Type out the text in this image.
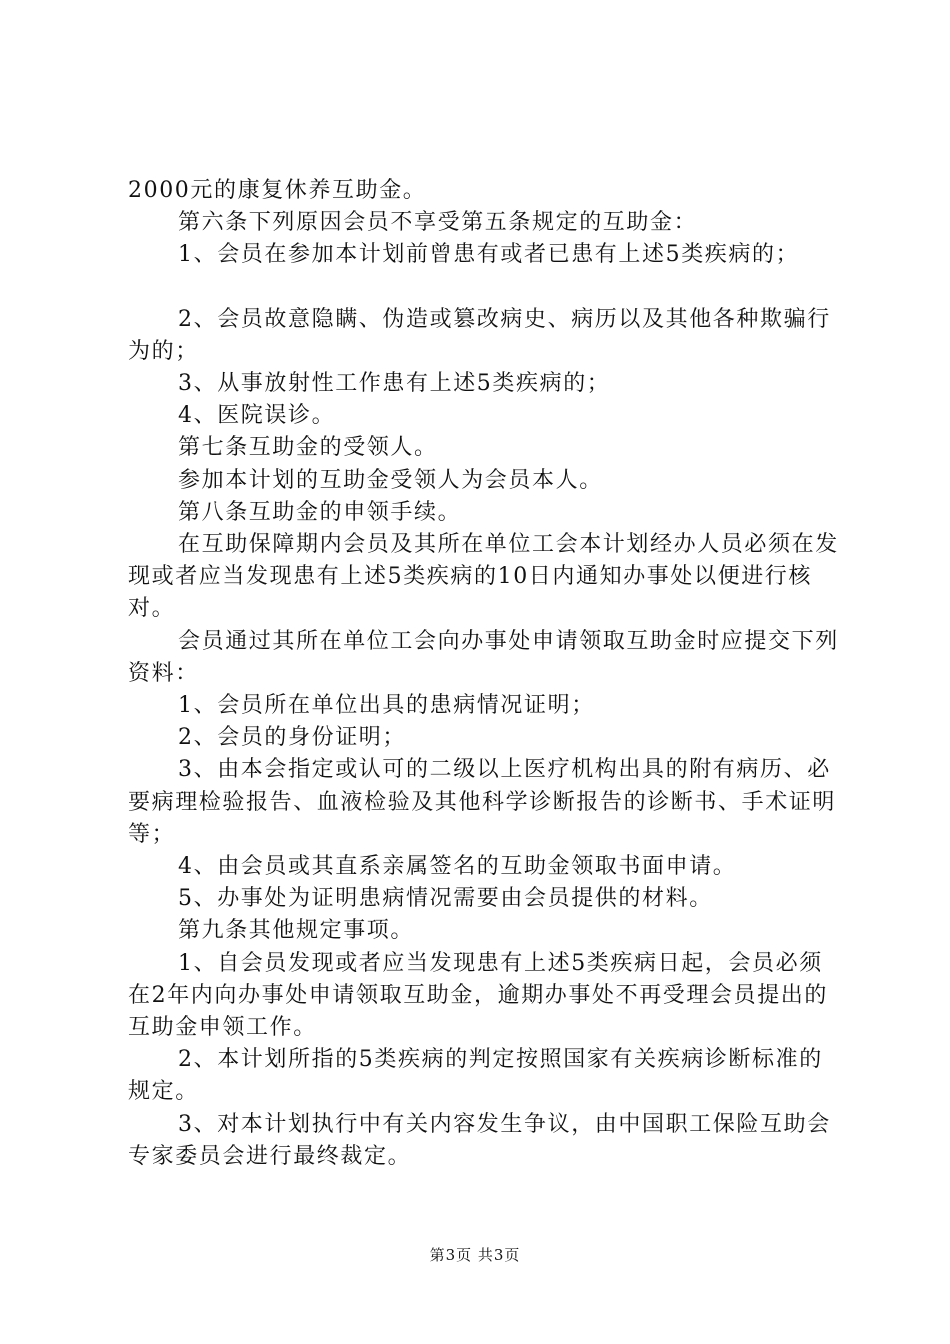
2000元的康复休养互助金。

第六条下列原因会员不享受第五条规定的互助金：

1、会员在参加本计划前曾患有或者已患有上述5类疾病的；

2、会员故意隐瞒、伪造或篡改病史、病历以及其他各种欺骗行为的；

3、从事放射性工作患有上述5类疾病的；

4、医院误诊。

第七条互助金的受领人。

参加本计划的互助金受领人为会员本人。

第八条互助金的申领手续。

在互助保障期内会员及其所在单位工会本计划经办人员必须在发现或者应当发现患有上述5类疾病的10日内通知办事处以便进行核对。

会员通过其所在单位工会向办事处申请领取互助金时应提交下列资料：

1、会员所在单位出具的患病情况证明；

2、会员的身份证明；

3、由本会指定或认可的二级以上医疗机构出具的附有病历、必要病理检验报告、血液检验及其他科学诊断报告的诊断书、手术证明等；

4、由会员或其直系亲属签名的互助金领取书面申请。

5、办事处为证明患病情况需要由会员提供的材料。

第九条其他规定事项。

1、自会员发现或者应当发现患有上述5类疾病日起，会员必须在2年内向办事处申请领取互助金，逾期办事处不再受理会员提出的互助金申领工作。

2、本计划所指的5类疾病的判定按照国家有关疾病诊断标准的规定。

3、对本计划执行中有关内容发生争议，由中国职工保险互助会专家委员会进行最终裁定。

第3页 共3页
